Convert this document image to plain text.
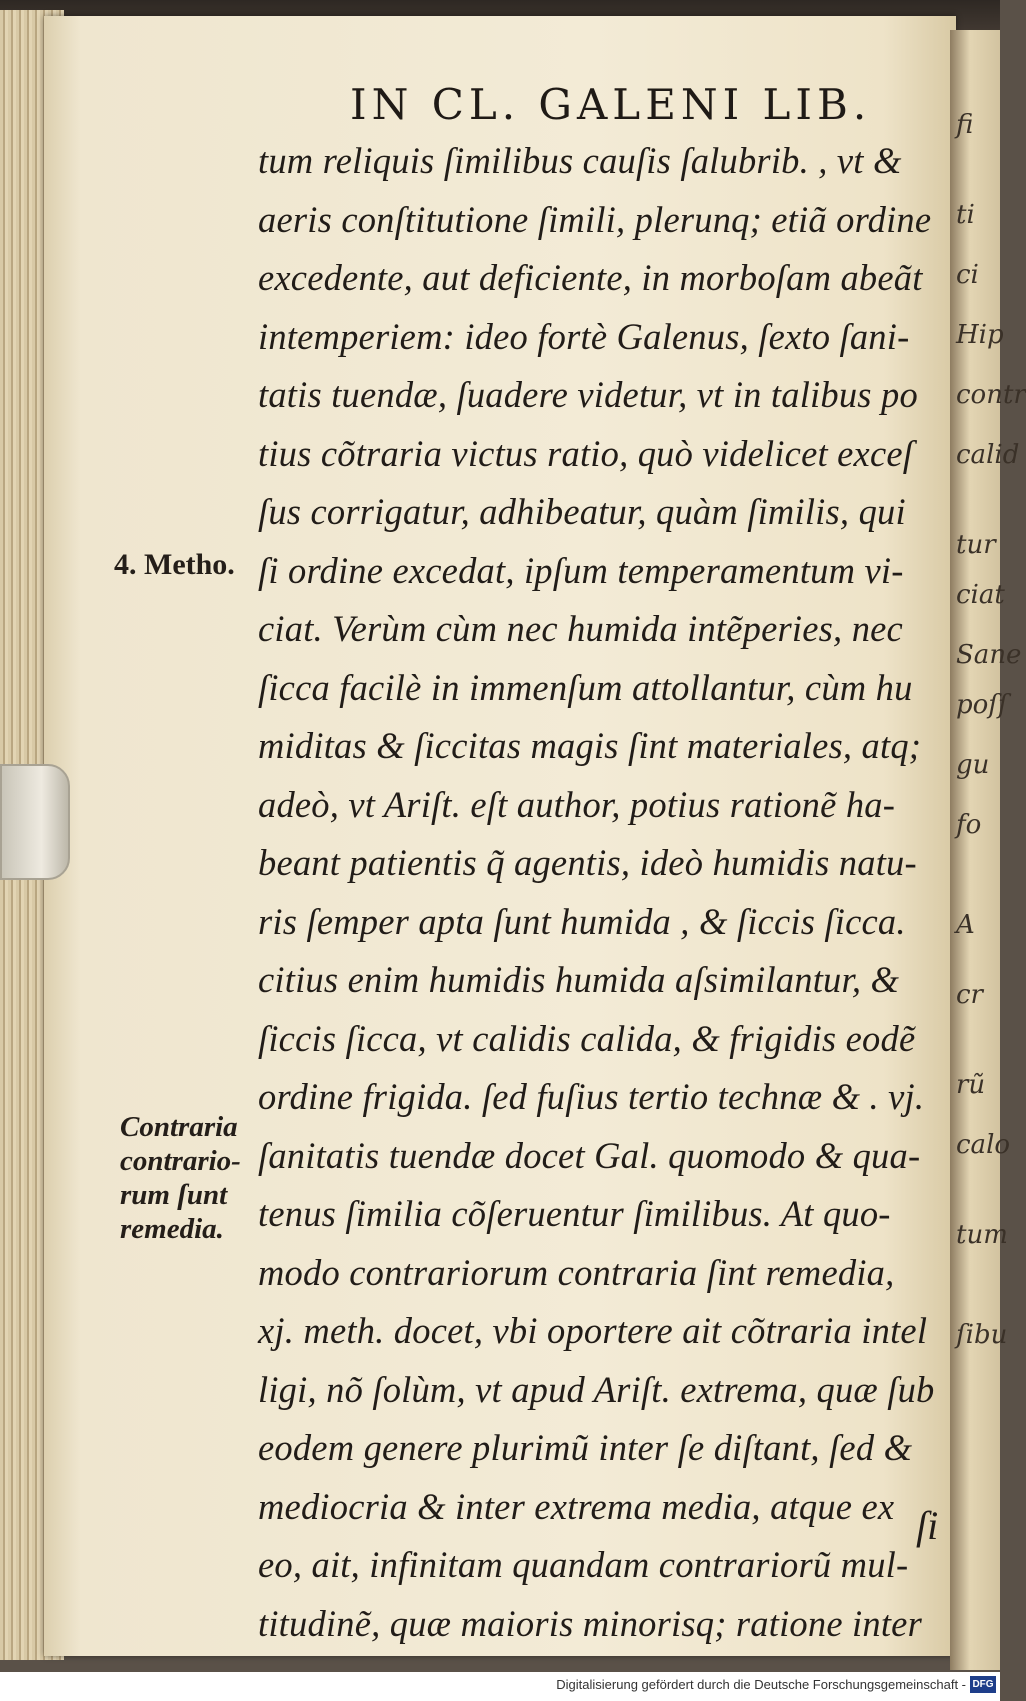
fi
ti
ci
Hip
contr
calid
tur
ciat
Sane
poſſ
gu
fo
A
cr
rũ
calo
tum
ſibu
IN CL. GALENI LIB.
4. Metho.
Contraria
contrario-
rum ſunt
remedia.
tum reliquis ſimilibus cauſis ſalubrib. , vt &
aeris conſtitutione ſimili, plerunq; etiã ordine
excedente, aut deficiente, in morboſam abeãt
intemperiem: ideo fortè Galenus, ſexto ſani-
tatis tuendæ, ſuadere videtur, vt in talibus po
tius cõtraria victus ratio, quò videlicet exceſ
ſus corrigatur, adhibeatur, quàm ſimilis, qui
ſi ordine excedat, ipſum temperamentum vi-
ciat. Verùm cùm nec humida intẽperies, nec
ſicca facilè in immenſum attollantur, cùm hu
miditas & ſiccitas magis ſint materiales, atq;
adeò, vt Ariſt. eſt author, potius rationẽ ha-
beant patientis q̃ agentis, ideò humidis natu-
ris ſemper apta ſunt humida , & ſiccis ſicca.
citius enim humidis humida aſsimilantur, &
ſiccis ſicca, vt calidis calida, & frigidis eodẽ
ordine frigida. ſed fuſius tertio technæ & . vj.
ſanitatis tuendæ docet Gal. quomodo & qua-
tenus ſimilia cõſeruentur ſimilibus. At quo-
modo contrariorum contraria ſint remedia,
xj. meth. docet, vbi oportere ait cõtraria intel
ligi, nõ ſolùm, vt apud Ariſt. extrema, quæ ſub
eodem genere plurimũ inter ſe diſtant, ſed &
mediocria & inter extrema media, atque ex
eo, ait, infinitam quandam contrariorũ mul-
titudinẽ, quæ maioris minorisq; ratione inter
ſi
Digitalisierung gefördert durch die Deutsche Forschungsgemeinschaft - DFG
